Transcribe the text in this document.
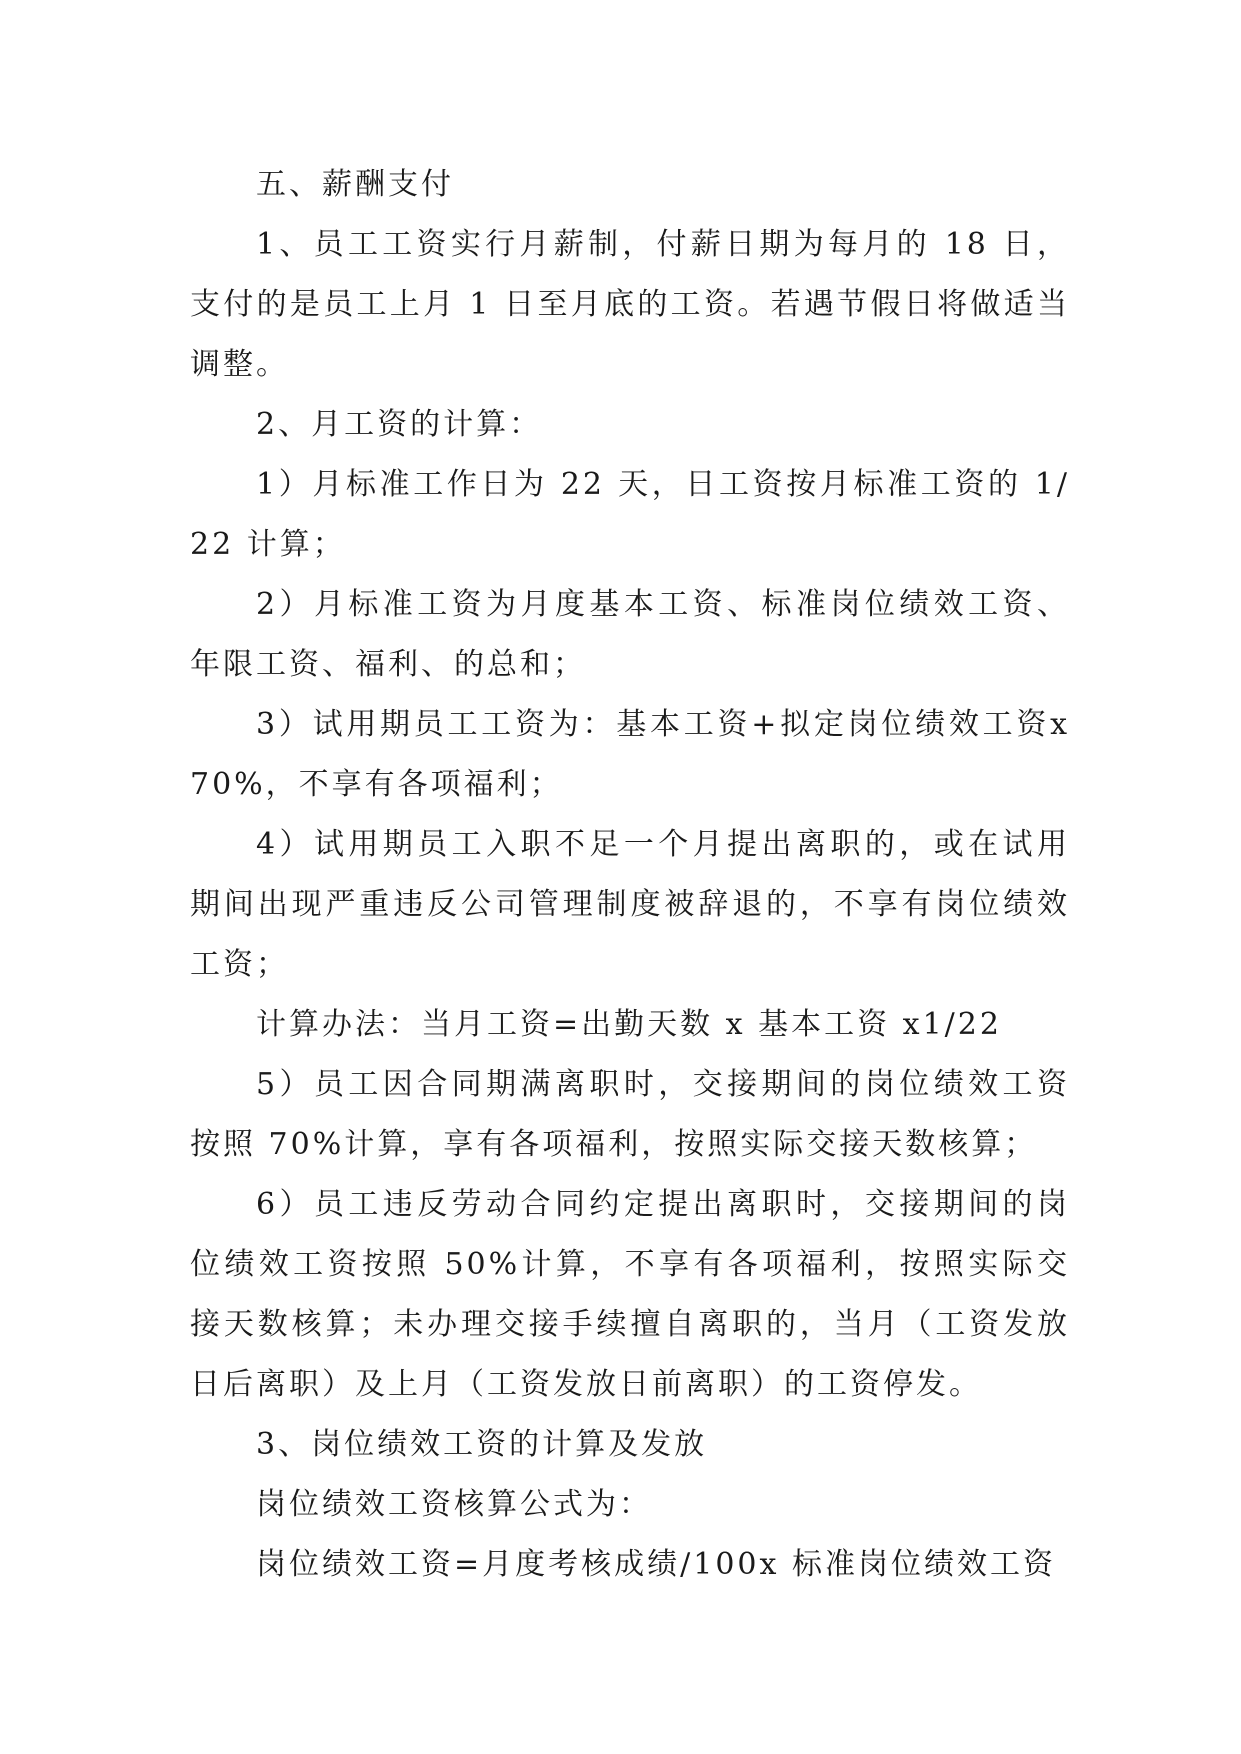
五、薪酬支付

1、员工工资实行月薪制，付薪日期为每月的 18 日，支付的是员工上月 1 日至月底的工资。若遇节假日将做适当调整。

2、月工资的计算：

1）月标准工作日为 22 天，日工资按月标准工资的 1/22 计算；

2）月标准工资为月度基本工资、标准岗位绩效工资、年限工资、福利、的总和；

3）试用期员工工资为：基本工资+拟定岗位绩效工资x70%，不享有各项福利；

4）试用期员工入职不足一个月提出离职的，或在试用期间出现严重违反公司管理制度被辞退的，不享有岗位绩效工资；

计算办法：当月工资=出勤天数 x 基本工资 x1/22

5）员工因合同期满离职时，交接期间的岗位绩效工资按照 70%计算，享有各项福利，按照实际交接天数核算；

6）员工违反劳动合同约定提出离职时，交接期间的岗位绩效工资按照 50%计算，不享有各项福利，按照实际交接天数核算；未办理交接手续擅自离职的，当月（工资发放日后离职）及上月（工资发放日前离职）的工资停发。

3、岗位绩效工资的计算及发放

岗位绩效工资核算公式为：

岗位绩效工资=月度考核成绩/100x 标准岗位绩效工资
